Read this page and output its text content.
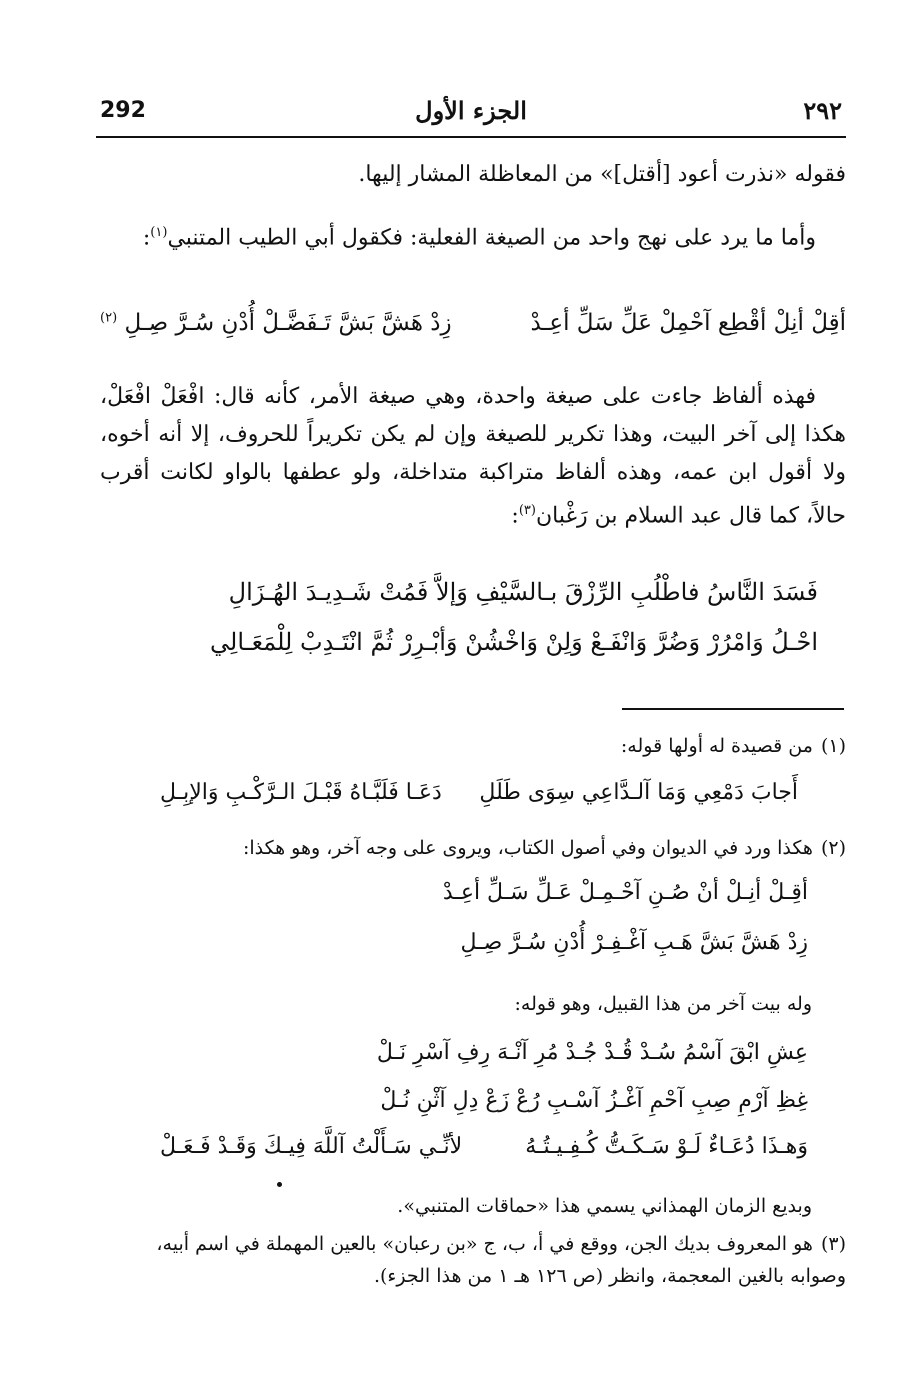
292	الجزء الأول	٢٩٢
فقوله «نذرت أعود [أقتل]» من المعاظلة المشار إليها.
وأما ما يرد على نهج واحد من الصيغة الفعلية: فكقول أبي الطيب المتنبي$^{(١)}$:
أقِلْ أنِلْ أقْطِع آحْمِلْ عَلِّ سَلِّ أعِـدْ
زِدْ هَشَّ بَشَّ تَـفَضَّـلْ أُدْنِ سُـرَّ صِـلِ $^{(٢)}$
فهذه ألفاظ جاءت على صيغة واحدة، وهي صيغة الأمر، كأنه قال: افْعَلْ افْعَلْ، هكذا إلى آخر البيت، وهذا تكرير للصيغة وإن لم يكن تكريراً للحروف، إلا أنه أخوه، ولا أقول ابن عمه، وهذه ألفاظ متراكبة متداخلة، ولو عطفها بالواو لكانت أقرب حالاً، كما قال عبد السلام بن رَغْبان$^{(٣)}$:
فَسَدَ النَّاسُ فاطْلُبِ الرِّزْقَ بـالسَّيْفِ وَإلاَّ فَمُتْ شَـدِيـدَ الهُـزَالِ
احْـلُ وَامْرُرْ وَضُرَّ وَانْفَـعْ وَلِنْ وَاخْشُنْ وَأبْـرِرْ ثُمَّ انْتَـدِبْ لِلْمَعَـالِي
(١)من قصيدة له أولها قوله:
أَجابَ دَمْعِي وَمَا آلـدَّاعِي سِوَى طَلَلِ
دَعَـا فَلَبَّـاهُ قَبْـلَ الـرَّكْـبِ وَالإبِـلِ
(٢)هكذا ورد في الديوان وفي أصول الكتاب، ويروى على وجه آخر، وهو هكذا:
أقِـلْ أنِـلْ أنْ صُـنِ آحْـمِـلْ عَـلِّ سَـلِّ أعِـدْ
زِدْ هَشَّ بَشَّ هَـبِ آغْـفِـرْ أُدْنِ سُـرَّ صِـلِ
وله بيت آخر من هذا القبيل، وهو قوله:
عِشِ ابْقَ آسْمُ سُـدْ قُـدْ جُـدْ مُرِ آنْـهَ رِفِ آسْرِ نَـلْ
غِظِ آرْمِ صِبِ آحْمِ آغْـزُ آسْـبِ رُعْ زَعْ دِلِ آثْنِ نُـلْ
وَهـذَا دُعَـاءٌ لَـوْ سَـكَـتُّ كُـفِـيـتُـهُ
لأنِّـي سَـأَلْتُ آللَّهَ فِيـكَ وَقَـدْ فَـعَـلْ
وبديع الزمان الهمذاني يسمي هذا «حماقات المتنبي».
(٣)هو المعروف بديك الجن، ووقع في أ، ب، ج «بن رعبان» بالعين المهملة في اسم أبيه، وصوابه بالغين المعجمة، وانظر (ص ١٢٦ هـ ١ من هذا الجزء).
